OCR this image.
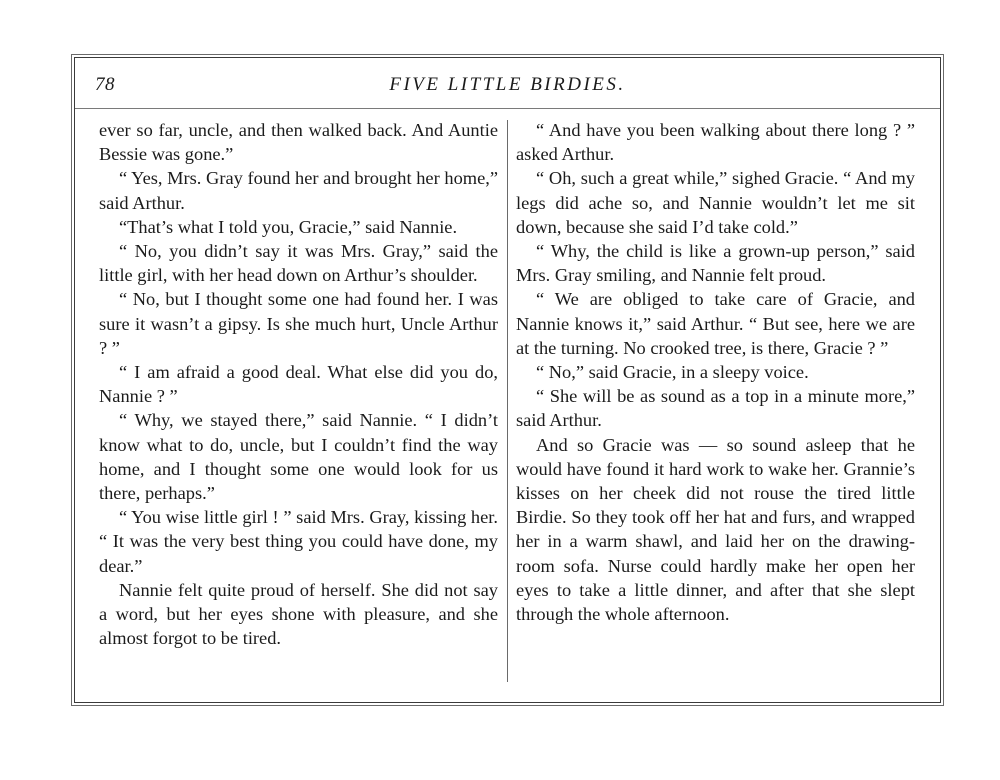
78	FIVE LITTLE BIRDIES.

ever so far, uncle, and then walked back. And Auntie Bessie was gone.”

“ Yes, Mrs. Gray found her and brought her home,” said Arthur.

“That’s what I told you, Gracie,” said Nannie.

“ No, you didn’t say it was Mrs. Gray,” said the little girl, with her head down on Arthur’s shoulder.

“ No, but I thought some one had found her. I was sure it wasn’t a gipsy. Is she much hurt, Uncle Arthur ? ”

“ I am afraid a good deal. What else did you do, Nannie ? ”

“ Why, we stayed there,” said Nannie. “ I didn’t know what to do, uncle, but I couldn’t find the way home, and I thought some one would look for us there, perhaps.”

“ You wise little girl ! ” said Mrs. Gray, kissing her. “ It was the very best thing you could have done, my dear.”

Nannie felt quite proud of herself. She did not say a word, but her eyes shone with pleasure, and she almost forgot to be tired.

“ And have you been walking about there long ? ” asked Arthur.

“ Oh, such a great while,” sighed Gracie. “ And my legs did ache so, and Nannie wouldn’t let me sit down, because she said I’d take cold.”

“ Why, the child is like a grown-up person,” said Mrs. Gray smiling, and Nannie felt proud.

“ We are obliged to take care of Gracie, and Nannie knows it,” said Arthur. “ But see, here we are at the turning. No crooked tree, is there, Gracie ? ”

“ No,” said Gracie, in a sleepy voice.

“ She will be as sound as a top in a minute more,” said Arthur.

And so Gracie was — so sound asleep that he would have found it hard work to wake her. Grannie’s kisses on her cheek did not rouse the tired little Birdie. So they took off her hat and furs, and wrapped her in a warm shawl, and laid her on the drawing-room sofa. Nurse could hardly make her open her eyes to take a little dinner, and after that she slept through the whole afternoon.
